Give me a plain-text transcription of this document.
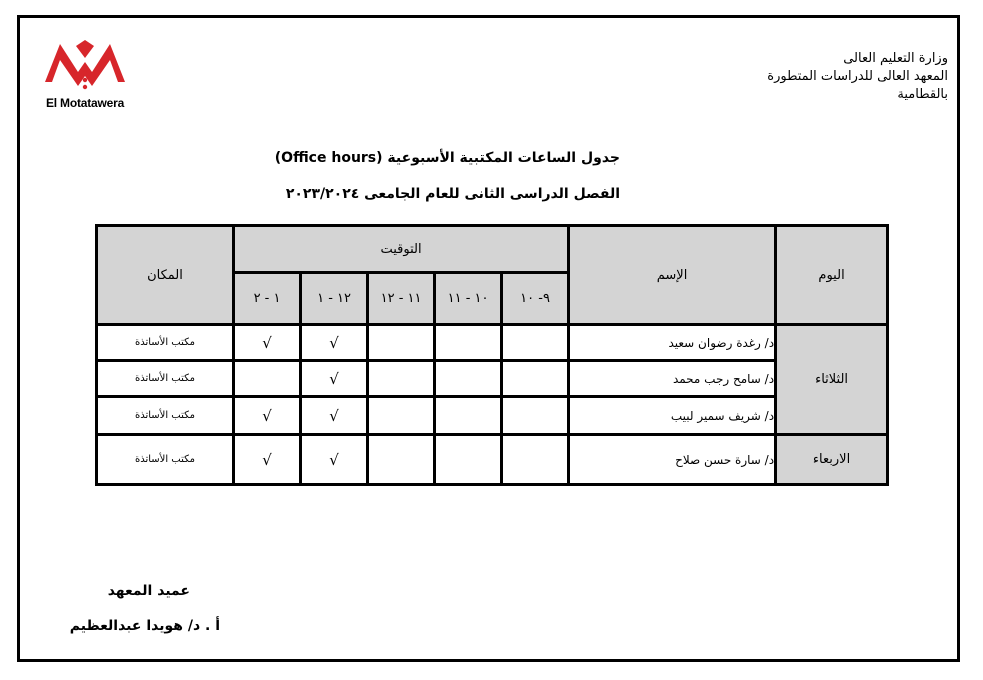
El Motatawera
وزارة التعليم العالى
المعهد العالى للدراسات المتطورة
بالقطامية
جدول الساعات المكتبية الأسبوعية (Office hours)
الفصل الدراسى الثانى للعام الجامعى ٢٠٢٣/٢٠٢٤
اليوم	الإسم	التوقيت					المكان
		٩- ١٠	١٠ - ١١	١١ - ١٢	١٢ - ١	١ - ٢	
الثلاثاء	د/ رغدة رضوان سعيد				√	√	مكتب الأساتذة
	د/ سامح رجب محمد				√		مكتب الأساتذة
	د/ شريف سمير لبيب				√	√	مكتب الأساتذة
الاربعاء	د/ سارة حسن صلاح				√	√	مكتب الأساتذة
عميد المعهد
أ . د/ هويدا عبدالعظيم
